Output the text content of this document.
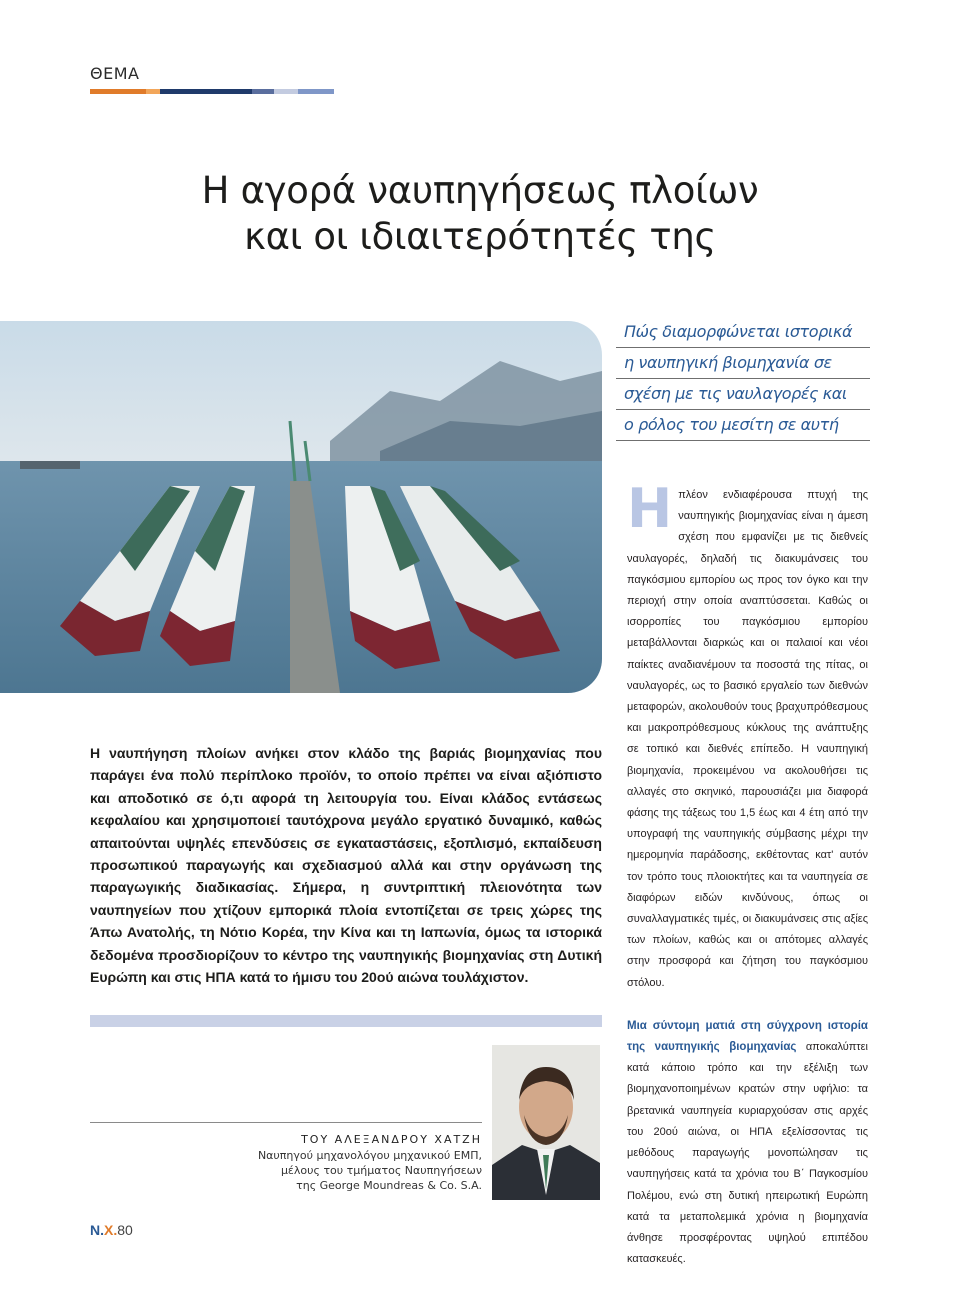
ΘΕΜΑ
Η αγορά ναυπηγήσεως πλοίων
και οι ιδιαιτερότητές της
Πώς διαμορφώνεται ιστορικά
η ναυπηγική βιομηχανία σε
σχέση με τις ναυλαγορές και
ο ρόλος του μεσίτη σε αυτή
Η ναυπήγηση πλοίων ανήκει στον κλάδο της βαριάς βιομηχανίας που παράγει ένα πολύ περίπλοκο προϊόν, το οποίο πρέπει να είναι αξιόπιστο και αποδοτικό σε ό,τι αφορά τη λειτουργία του. Είναι κλάδος εντάσεως κεφαλαίου και χρησιμοποιεί ταυτόχρονα μεγάλο εργατικό δυναμικό, καθώς απαιτούνται υψηλές επενδύσεις σε εγκαταστάσεις, εξοπλισμό, εκπαίδευση προσωπικού παραγωγής και σχεδιασμού αλλά και στην οργάνωση της παραγωγικής διαδικασίας. Σήμερα, η συντριπτική πλειονότητα των ναυπηγείων που χτίζουν εμπορικά πλοία εντοπίζεται σε τρεις χώρες της Άπω Ανατολής, τη Νότιο Κορέα, την Κίνα και τη Ιαπωνία, όμως τα ιστορικά δεδομένα προσδιορίζουν το κέντρο της ναυπηγικής βιομηχανίας στη Δυτική Ευρώπη και στις ΗΠΑ κατά το ήμισυ του 20ού αιώνα τουλάχιστον.
ΤΟΥ ΑΛΕΞΑΝΔΡΟΥ ΧΑΤΖΗ
Ναυπηγού μηχανολόγου μηχανικού ΕΜΠ,
μέλους του τμήματος Ναυπηγήσεων
της George Moundreas & Co. S.A.

Ηπλέον ενδιαφέρουσα πτυχή της ναυπηγικής βιομηχανίας είναι η άμεση σχέση που εμφανίζει με τις διεθνείς ναυλαγορές, δηλαδή τις διακυμάνσεις του παγκόσμιου εμπορίου ως προς τον όγκο και την περιοχή στην οποία αναπτύσσεται. Καθώς οι ισορροπίες του παγκόσμιου εμπορίου μεταβάλλονται διαρκώς και οι παλαιοί και νέοι παίκτες αναδιανέμουν τα ποσοστά της πίτας, οι ναυλαγορές, ως το βασικό εργαλείο των διεθνών μεταφορών, ακολουθούν τους βραχυπρόθεσμους και μακροπρόθεσμους κύκλους της ανάπτυξης σε τοπικό και διεθνές επίπεδο. Η ναυπηγική βιομηχανία, προκειμένου να ακολουθήσει τις αλλαγές στο σκηνικό, παρουσιάζει μια διαφορά φάσης της τάξεως του 1,5 έως και 4 έτη από την υπογραφή της ναυπηγικής σύμβασης μέχρι την ημερομηνία παράδοσης, εκθέτοντας κατ' αυτόν τον τρόπο τους πλοιοκτήτες και τα ναυπηγεία σε διαφόρων ειδών κινδύνους, όπως οι συναλλαγματικές τιμές, οι διακυμάνσεις στις αξίες των πλοίων, καθώς και οι απότομες αλλαγές στην προσφορά και ζήτηση του παγκόσμιου στόλου.

Μια σύντομη ματιά στη σύγχρονη ιστορία της ναυπηγικής βιομηχανίας αποκαλύπτει κατά κάποιο τρόπο και την εξέλιξη των βιομηχανοποιημένων κρατών στην υφήλιο: τα βρετανικά ναυπηγεία κυριαρχούσαν στις αρχές του 20ού αιώνα, οι ΗΠΑ εξελίσσοντας τις μεθόδους παραγωγής μονοπώλησαν τις ναυπηγήσεις κατά τα χρόνια του Β΄ Παγκοσμίου Πολέμου, ενώ στη δυτική ηπειρωτική Ευρώπη κατά τα μεταπολεμικά χρόνια η βιομηχανία άνθησε προσφέροντας υψηλού επιπέδου κατασκευές.

Ν.Χ.80
